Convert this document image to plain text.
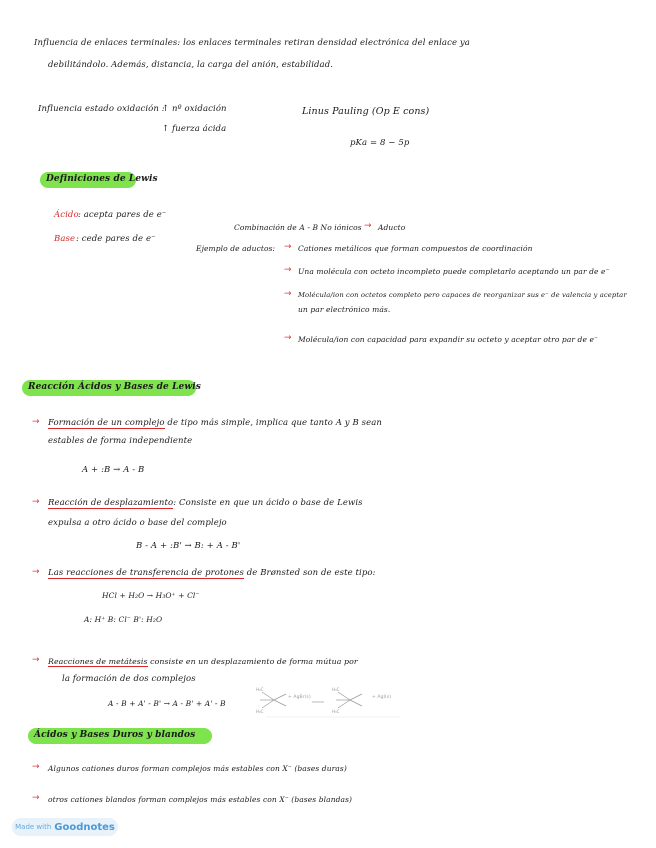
Influencia de enlaces terminales: los enlaces terminales retiran densidad electrónica del enlace ya
debilitándolo. Además, distancia, la carga del anión, estabilidad.
Influencia estado oxidación :
↑ nº oxidación
↑ fuerza ácida
Linus Pauling (Op E cons)
pKa = 8 − 5p
Definiciones de Lewis
Ácido : acepta pares de e⁻
Base : cede pares de e⁻
Combinación de A - B No iónicos → Aducto
Ejemplo de aductos: → Cationes metálicos que forman compuestos de coordinación
→ Una molécula con octeto incompleto puede completarlo aceptando un par de e⁻
→ Molécula/ion con octetos completo pero capaces de reorganizar sus e⁻ de valencia y aceptar
un par electrónico más.
→ Molécula/ion con capacidad para expandir su octeto y aceptar otro par de e⁻
Reacción Ácidos y Bases de Lewis
→ Formación de un complejo de tipo más simple, implica que tanto A y B sean
estables de forma independiente
A + :B → A - B
→ Reacción de desplazamiento: Consiste en que un ácido o base de Lewis
expulsa a otro ácido o base del complejo
B - A + :B' → B: + A - B'
→ Las reacciones de transferencia de protones de Brønsted son de este tipo:
HCl + H₂O → H₃O⁺ + Cl⁻
A: H⁺ B: Cl⁻ B': H₂O
→ Reacciones de metátesis consiste en un desplazamiento de forma mútua por
la formación de dos complejos
A - B + A' - B' → A - B' + A' - B
H₃C
H₃C
H₃C
H₃C
+ AgBr(s)	+ AgI(s)
Ácidos y Bases Duros y blandos
→ Algunos cationes duros forman complejos más estables con X⁻ (bases duras)
→ otros cationes blandos forman complejos más estables con X⁻ (bases blandas)
Made with Goodnotes
